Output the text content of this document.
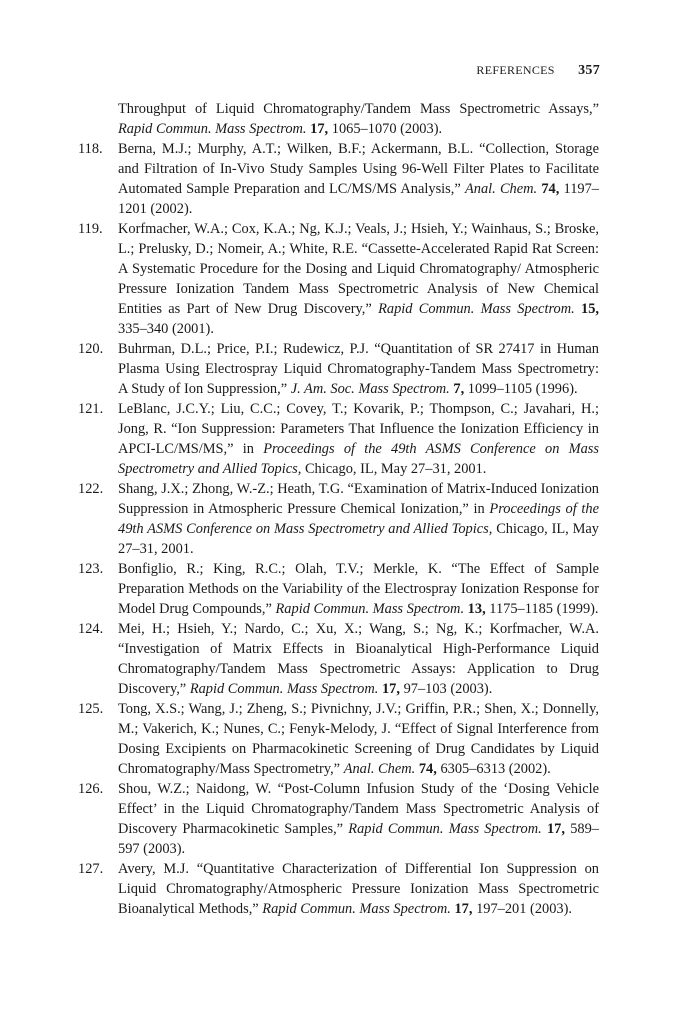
REFERENCES 357

Throughput of Liquid Chromatography/Tandem Mass Spectrometric Assays,” Rapid Commun. Mass Spectrom. 17, 1065–1070 (2003).

118. Berna, M.J.; Murphy, A.T.; Wilken, B.F.; Ackermann, B.L. “Collection, Storage and Filtration of In-Vivo Study Samples Using 96-Well Filter Plates to Facilitate Automated Sample Preparation and LC/MS/MS Analysis,” Anal. Chem. 74, 1197–1201 (2002).

119. Korfmacher, W.A.; Cox, K.A.; Ng, K.J.; Veals, J.; Hsieh, Y.; Wainhaus, S.; Broske, L.; Prelusky, D.; Nomeir, A.; White, R.E. “Cassette-Accelerated Rapid Rat Screen: A Systematic Procedure for the Dosing and Liquid Chromatography/ Atmospheric Pressure Ionization Tandem Mass Spectrometric Analysis of New Chemical Entities as Part of New Drug Discovery,” Rapid Commun. Mass Spectrom. 15, 335–340 (2001).

120. Buhrman, D.L.; Price, P.I.; Rudewicz, P.J. “Quantitation of SR 27417 in Human Plasma Using Electrospray Liquid Chromatography-Tandem Mass Spectrometry: A Study of Ion Suppression,” J. Am. Soc. Mass Spectrom. 7, 1099–1105 (1996).

121. LeBlanc, J.C.Y.; Liu, C.C.; Covey, T.; Kovarik, P.; Thompson, C.; Javahari, H.; Jong, R. “Ion Suppression: Parameters That Influence the Ionization Efficiency in APCI-LC/MS/MS,” in Proceedings of the 49th ASMS Conference on Mass Spectrometry and Allied Topics, Chicago, IL, May 27–31, 2001.

122. Shang, J.X.; Zhong, W.-Z.; Heath, T.G. “Examination of Matrix-Induced Ionization Suppression in Atmospheric Pressure Chemical Ionization,” in Proceedings of the 49th ASMS Conference on Mass Spectrometry and Allied Topics, Chicago, IL, May 27–31, 2001.

123. Bonfiglio, R.; King, R.C.; Olah, T.V.; Merkle, K. “The Effect of Sample Preparation Methods on the Variability of the Electrospray Ionization Response for Model Drug Compounds,” Rapid Commun. Mass Spectrom. 13, 1175–1185 (1999).

124. Mei, H.; Hsieh, Y.; Nardo, C.; Xu, X.; Wang, S.; Ng, K.; Korfmacher, W.A. “Investigation of Matrix Effects in Bioanalytical High-Performance Liquid Chromatography/Tandem Mass Spectrometric Assays: Application to Drug Discovery,” Rapid Commun. Mass Spectrom. 17, 97–103 (2003).

125. Tong, X.S.; Wang, J.; Zheng, S.; Pivnichny, J.V.; Griffin, P.R.; Shen, X.; Donnelly, M.; Vakerich, K.; Nunes, C.; Fenyk-Melody, J. “Effect of Signal Interference from Dosing Excipients on Pharmacokinetic Screening of Drug Candidates by Liquid Chromatography/Mass Spectrometry,” Anal. Chem. 74, 6305–6313 (2002).

126. Shou, W.Z.; Naidong, W. “Post-Column Infusion Study of the ‘Dosing Vehicle Effect’ in the Liquid Chromatography/Tandem Mass Spectrometric Analysis of Discovery Pharmacokinetic Samples,” Rapid Commun. Mass Spectrom. 17, 589–597 (2003).

127. Avery, M.J. “Quantitative Characterization of Differential Ion Suppression on Liquid Chromatography/Atmospheric Pressure Ionization Mass Spectrometric Bioanalytical Methods,” Rapid Commun. Mass Spectrom. 17, 197–201 (2003).
